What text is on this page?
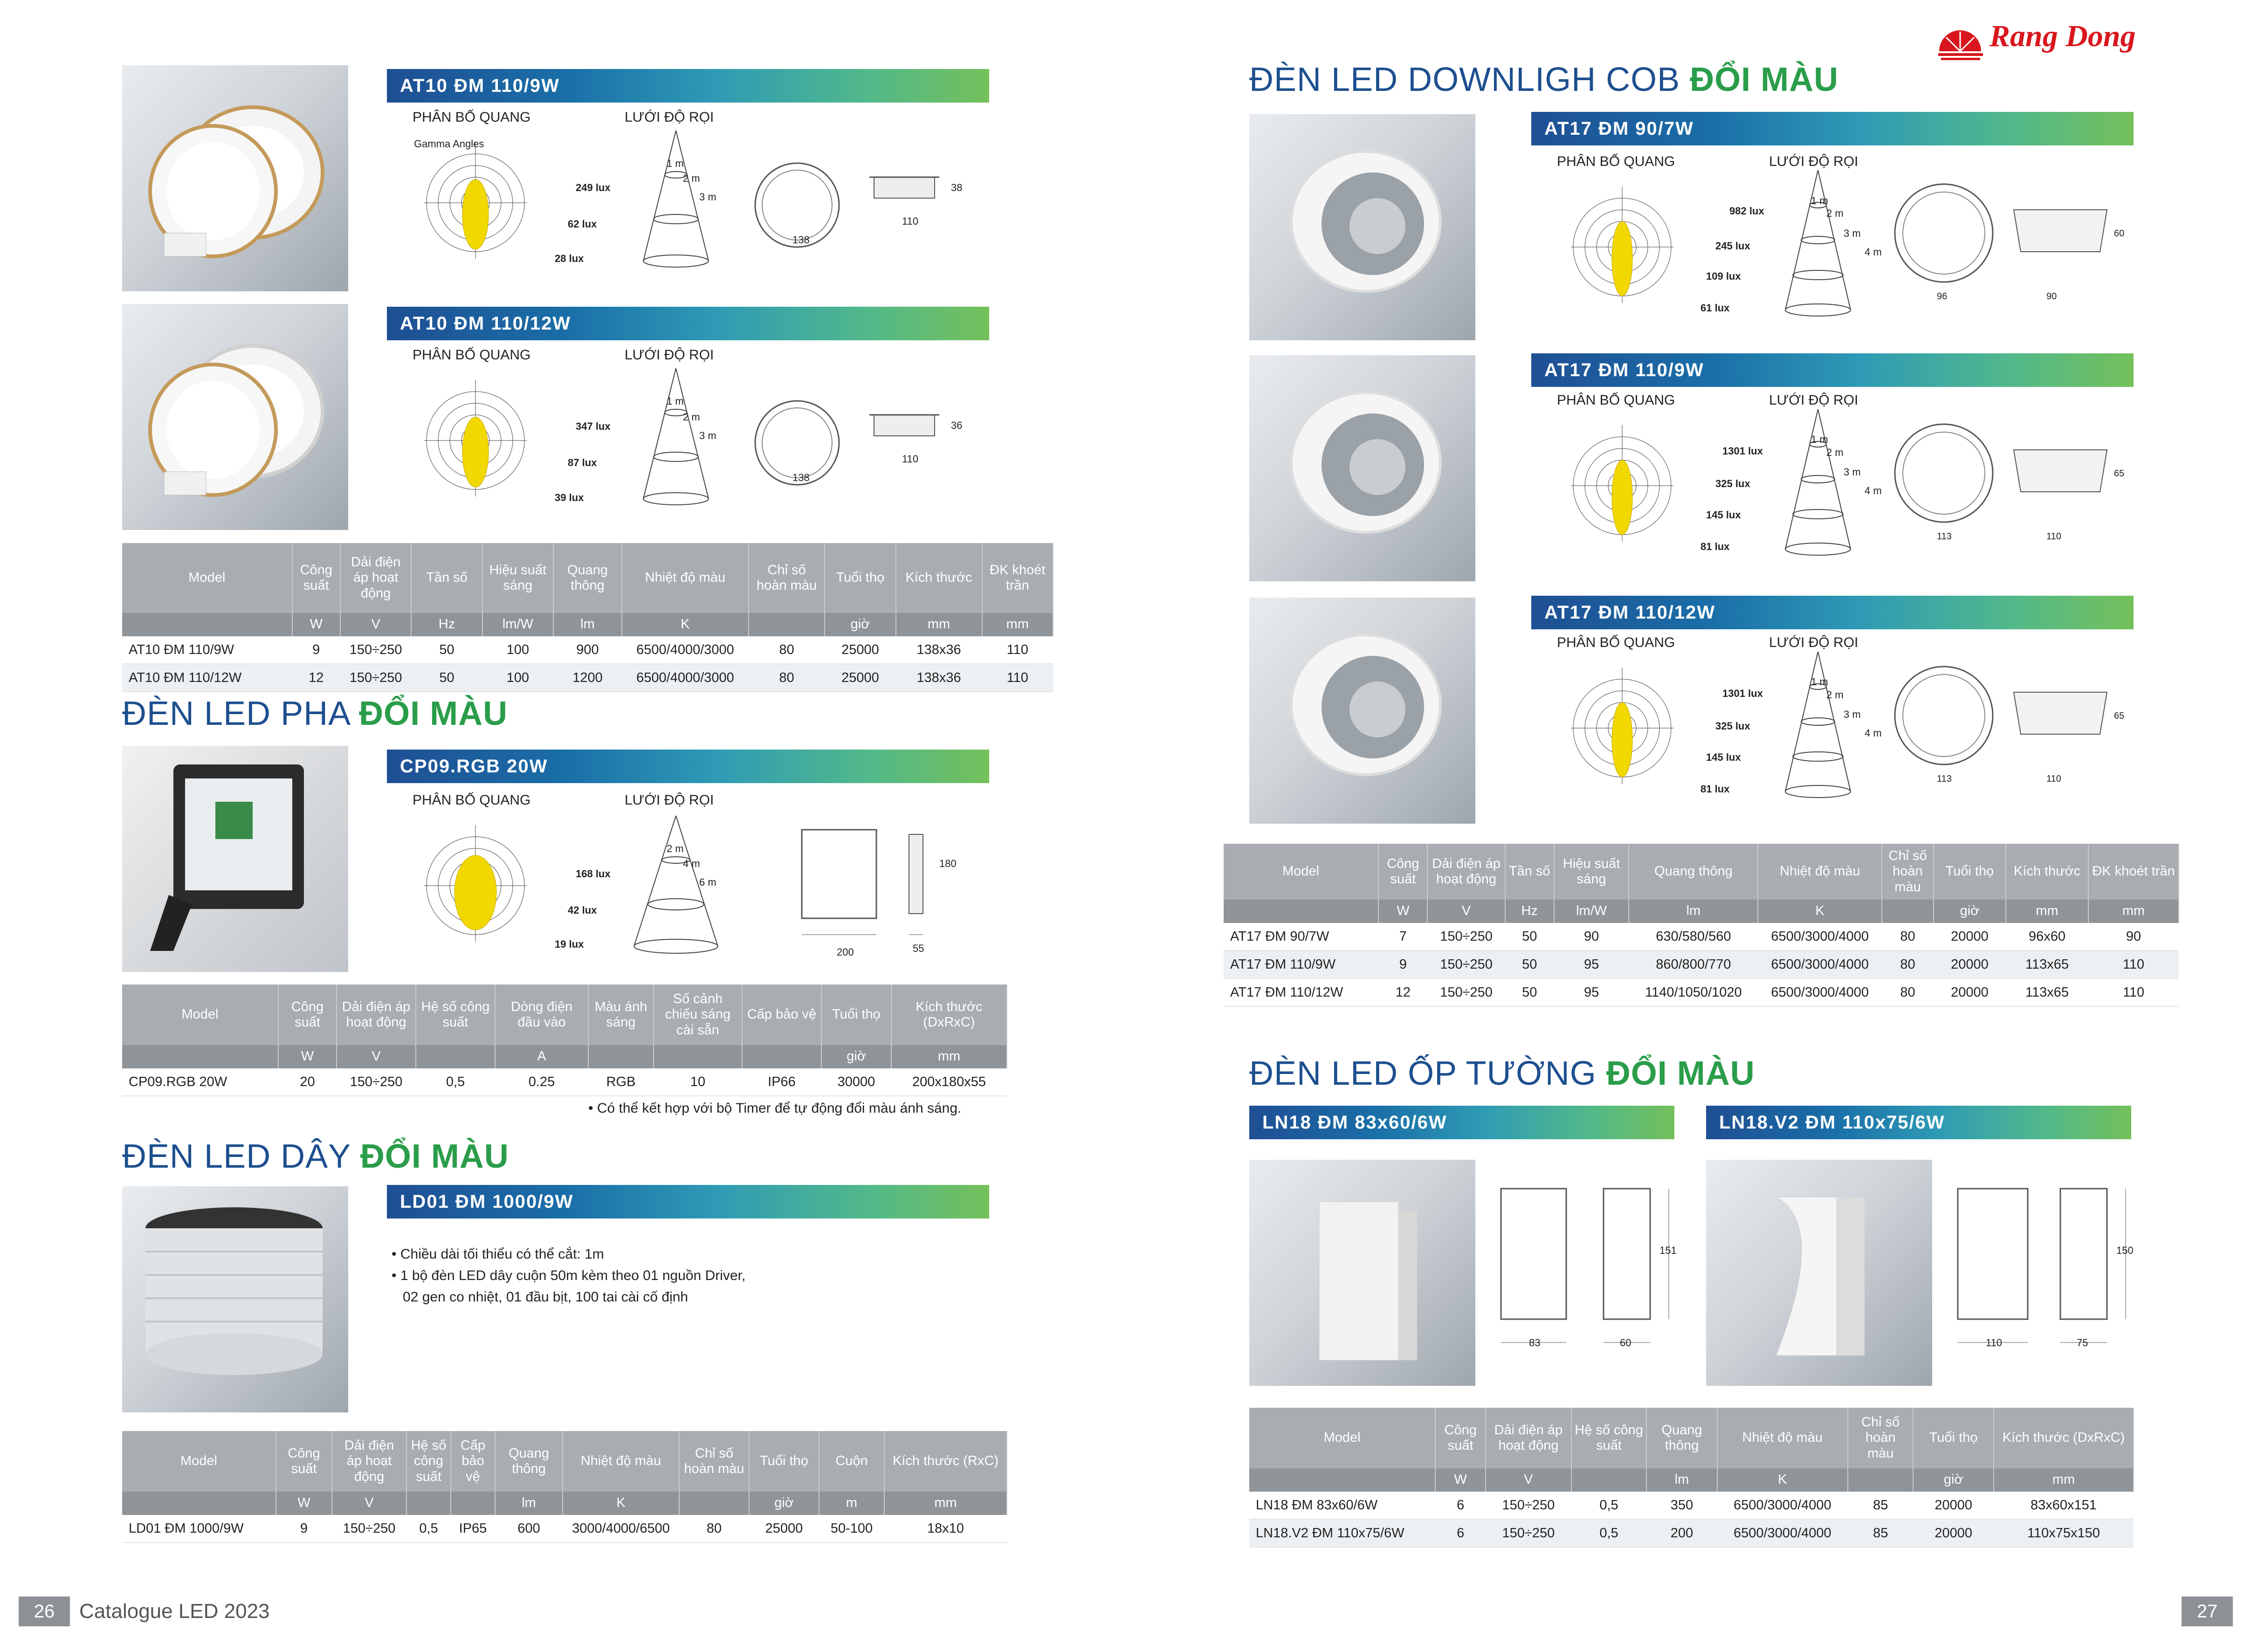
Rang Dong
AT10 ĐM 110/9W
PHÂN BỐ QUANG	LƯỚI ĐỘ RỌI
Gamma Angles
249 lux
62 lux
28 lux
1 m
2 m
3 m
138
110
38
AT10 ĐM 110/12W
PHÂN BỐ QUANG	LƯỚI ĐỘ RỌI
347 lux
87 lux
39 lux
1 m
2 m
3 m
138
110
36
Model	Công suất	Dải điện áp hoạt động	Tần số	Hiệu suất sáng	Quang thông	Nhiệt độ màu	Chỉ số hoàn màu	Tuổi thọ	Kích thước	ĐK khoét trần
	W	V	Hz	lm/W	lm	K		giờ	mm	mm
AT10 ĐM 110/9W	9	150÷250	50	100	900	6500/4000/3000	80	25000	138x36	110
AT10 ĐM 110/12W	12	150÷250	50	100	1200	6500/4000/3000	80	25000	138x36	110
ĐÈN LED PHA ĐỔI MÀU
CP09.RGB 20W
PHÂN BỐ QUANG	LƯỚI ĐỘ RỌI
168 lux
42 lux
19 lux
2 m
4 m
6 m
200	55
180
Model	Công suất	Dải điện áp hoạt động	Hệ số công suất	Dòng điện đầu vào	Màu ánh sáng	Số cảnh chiếu sáng cài sẵn	Cấp bảo vệ	Tuổi thọ	Kích thước (DxRxC)
	W	V		A				giờ	mm
CP09.RGB 20W	20	150÷250	0,5	0.25	RGB	10	IP66	30000	200x180x55
• Có thể kết hợp với bộ Timer để tự động đổi màu ánh sáng.
ĐÈN LED DÂY ĐỔI MÀU
LD01 ĐM 1000/9W
• Chiều dài tối thiểu có thể cắt: 1m
• 1 bộ đèn LED dây cuộn 50m kèm theo 01 nguồn Driver,
02 gen co nhiệt, 01 đầu bịt, 100 tai cài cố định
Model	Công suất	Dải điện áp hoạt động	Hệ số công suất	Cấp bảo vệ	Quang thông	Nhiệt độ màu	Chỉ số hoàn màu	Tuổi thọ	Cuộn	Kích thước (RxC)
	W	V			lm	K		giờ	m	mm
LD01 ĐM 1000/9W	9	150÷250	0,5	IP65	600	3000/4000/6500	80	25000	50-100	18x10
26	Catalogue LED 2023
ĐÈN LED DOWNLIGH COB ĐỔI MÀU
AT17 ĐM 90/7W
PHÂN BỐ QUANG	LƯỚI ĐỘ RỌI
982 lux
245 lux
109 lux
61 lux
1 m
2 m
3 m
4 m
96	90
60
AT17 ĐM 110/9W
PHÂN BỐ QUANG	LƯỚI ĐỘ RỌI
1301 lux
325 lux
145 lux
81 lux
1 m
2 m
3 m
4 m
113	110
65
AT17 ĐM 110/12W
PHÂN BỐ QUANG	LƯỚI ĐỘ RỌI
1301 lux
325 lux
145 lux
81 lux
1 m
2 m
3 m
4 m
113	110
65
Model	Công suất	Dải điện áp hoạt động	Tần số	Hiệu suất sáng	Quang thông	Nhiệt độ màu	Chỉ số hoàn màu	Tuổi thọ	Kích thước	ĐK khoét trần
	W	V	Hz	lm/W	lm	K		giờ	mm	mm
AT17 ĐM 90/7W	7	150÷250	50	90	630/580/560	6500/3000/4000	80	20000	96x60	90
AT17 ĐM 110/9W	9	150÷250	50	95	860/800/770	6500/3000/4000	80	20000	113x65	110
AT17 ĐM 110/12W	12	150÷250	50	95	1140/1050/1020	6500/3000/4000	80	20000	113x65	110
ĐÈN LED ỐP TƯỜNG ĐỔI MÀU
LN18 ĐM 83x60/6W	LN18.V2 ĐM 110x75/6W
83	60
151
110	75
150
Model	Công suất	Dải điện áp hoạt động	Hệ số công suất	Quang thông	Nhiệt độ màu	Chỉ số hoàn màu	Tuổi thọ	Kích thước (DxRxC)
	W	V		lm	K		giờ	mm
LN18 ĐM 83x60/6W	6	150÷250	0,5	350	6500/3000/4000	85	20000	83x60x151
LN18.V2 ĐM 110x75/6W	6	150÷250	0,5	200	6500/3000/4000	85	20000	110x75x150
27
